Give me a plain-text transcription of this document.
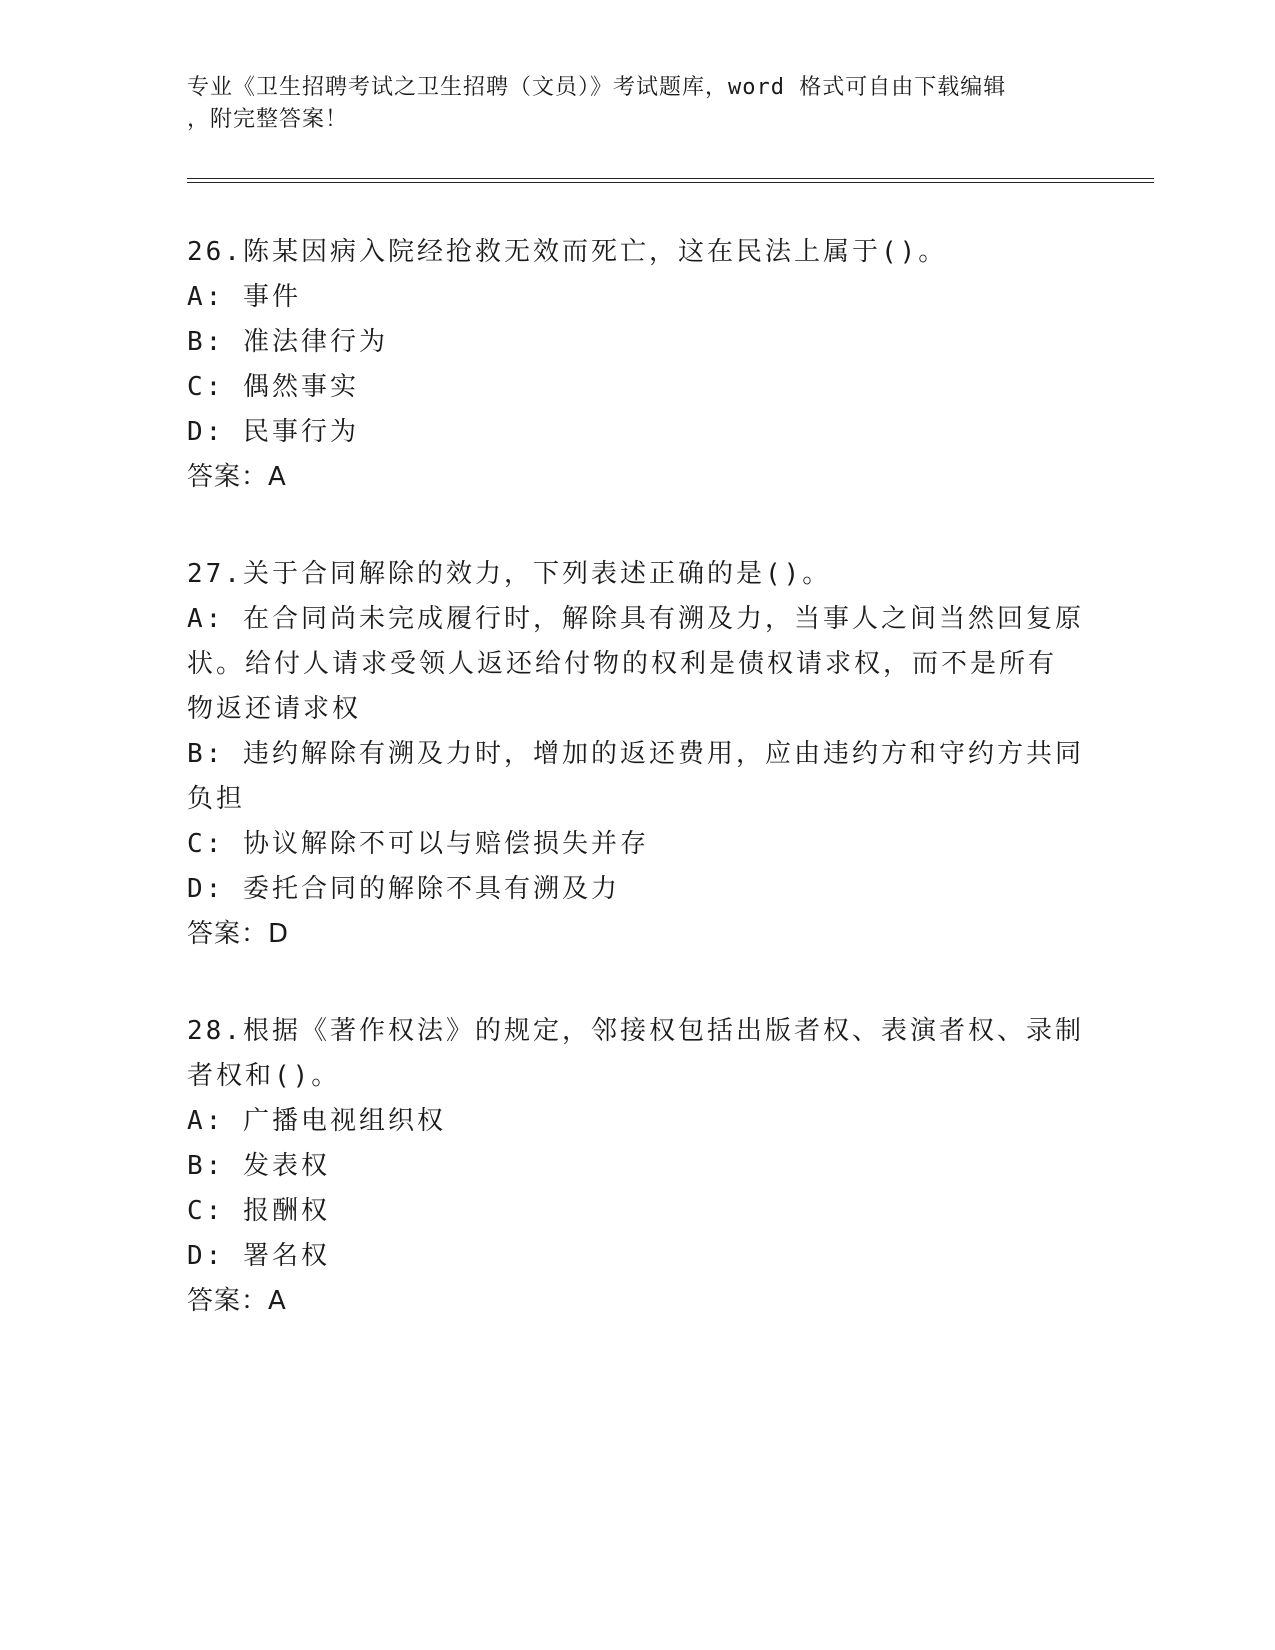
专业《卫生招聘考试之卫生招聘（文员）》考试题库，word 格式可自由下载编辑
，附完整答案！
26.陈某因病入院经抢救无效而死亡，这在民法上属于()。
A: 事件
B: 准法律行为
C: 偶然事实
D: 民事行为
答案：A
27.关于合同解除的效力，下列表述正确的是()。
A: 在合同尚未完成履行时，解除具有溯及力，当事人之间当然回复原
状。给付人请求受领人返还给付物的权利是债权请求权，而不是所有
物返还请求权
B: 违约解除有溯及力时，增加的返还费用，应由违约方和守约方共同
负担
C: 协议解除不可以与赔偿损失并存
D: 委托合同的解除不具有溯及力
答案：D
28.根据《著作权法》的规定，邻接权包括出版者权、表演者权、录制
者权和()。
A: 广播电视组织权
B: 发表权
C: 报酬权
D: 署名权
答案：A
